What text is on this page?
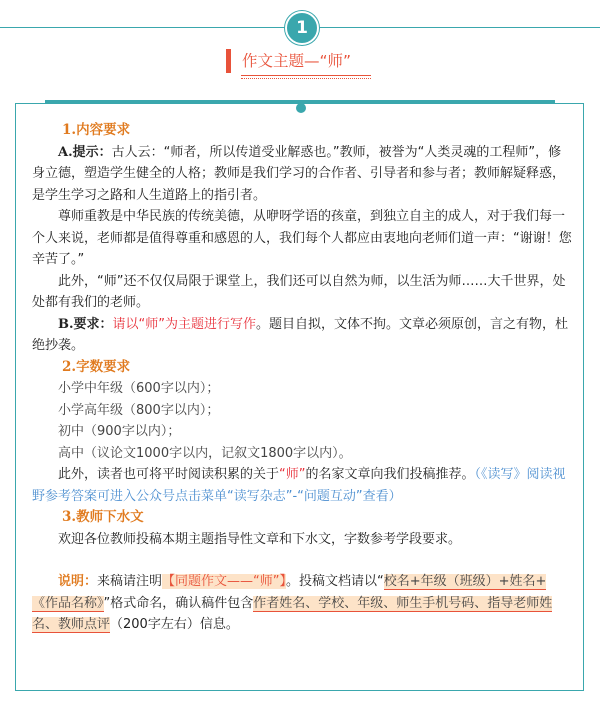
1
作文主题—“师”

1.内容要求

A.提示：古人云：“师者，所以传道受业解惑也。”教师，被誉为“人类灵魂的工程师”，修身立德，塑造学生健全的人格；教师是我们学习的合作者、引导者和参与者；教师解疑释惑，是学生学习之路和人生道路上的指引者。

尊师重教是中华民族的传统美德，从咿呀学语的孩童，到独立自主的成人，对于我们每一个人来说，老师都是值得尊重和感恩的人，我们每个人都应由衷地向老师们道一声：“谢谢！您辛苦了。”

此外，“师”还不仅仅局限于课堂上，我们还可以自然为师，以生活为师……大千世界，处处都有我们的老师。

B.要求：请以“师”为主题进行写作。题目自拟，文体不拘。文章必须原创，言之有物，杜绝抄袭。

2.字数要求

小学中年级（600字以内）；

小学高年级（800字以内）；

初中（900字以内）；

高中（议论文1000字以内，记叙文1800字以内）。

此外，读者也可将平时阅读积累的关于“师”的名家文章向我们投稿推荐。（《读写》阅读视野参考答案可进入公众号点击菜单“读写杂志”-“问题互动”查看）

3.教师下水文

欢迎各位教师投稿本期主题指导性文章和下水文，字数参考学段要求。

说明：来稿请注明【同题作文——“师”】。投稿文档请以“校名+年级（班级）+姓名+《作品名称》”格式命名，确认稿件包含作者姓名、学校、年级、师生手机号码、指导老师姓名、教师点评（200字左右）信息。
